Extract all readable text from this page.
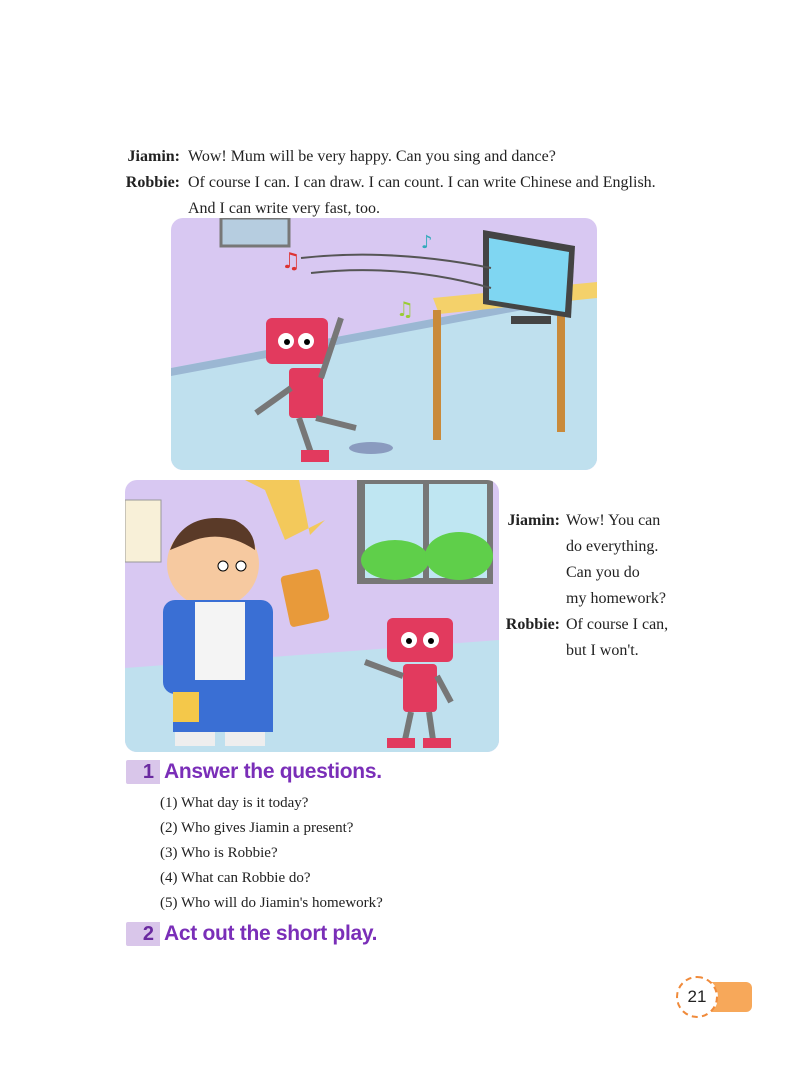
Jiamin: Wow! Mum will be very happy. Can you sing and dance?
Robbie: Of course I can. I can draw. I can count. I can write Chinese and English.
And I can write very fast, too.
♫
♪
♫
Jiamin: Wow! You can
do everything.
Can you do
my homework?
Robbie: Of course I can,
but I won't.
1 Answer the questions.
(1) What day is it today?
(2) Who gives Jiamin a present?
(3) Who is Robbie?
(4) What can Robbie do?
(5) Who will do Jiamin's homework?
2 Act out the short play.
21
